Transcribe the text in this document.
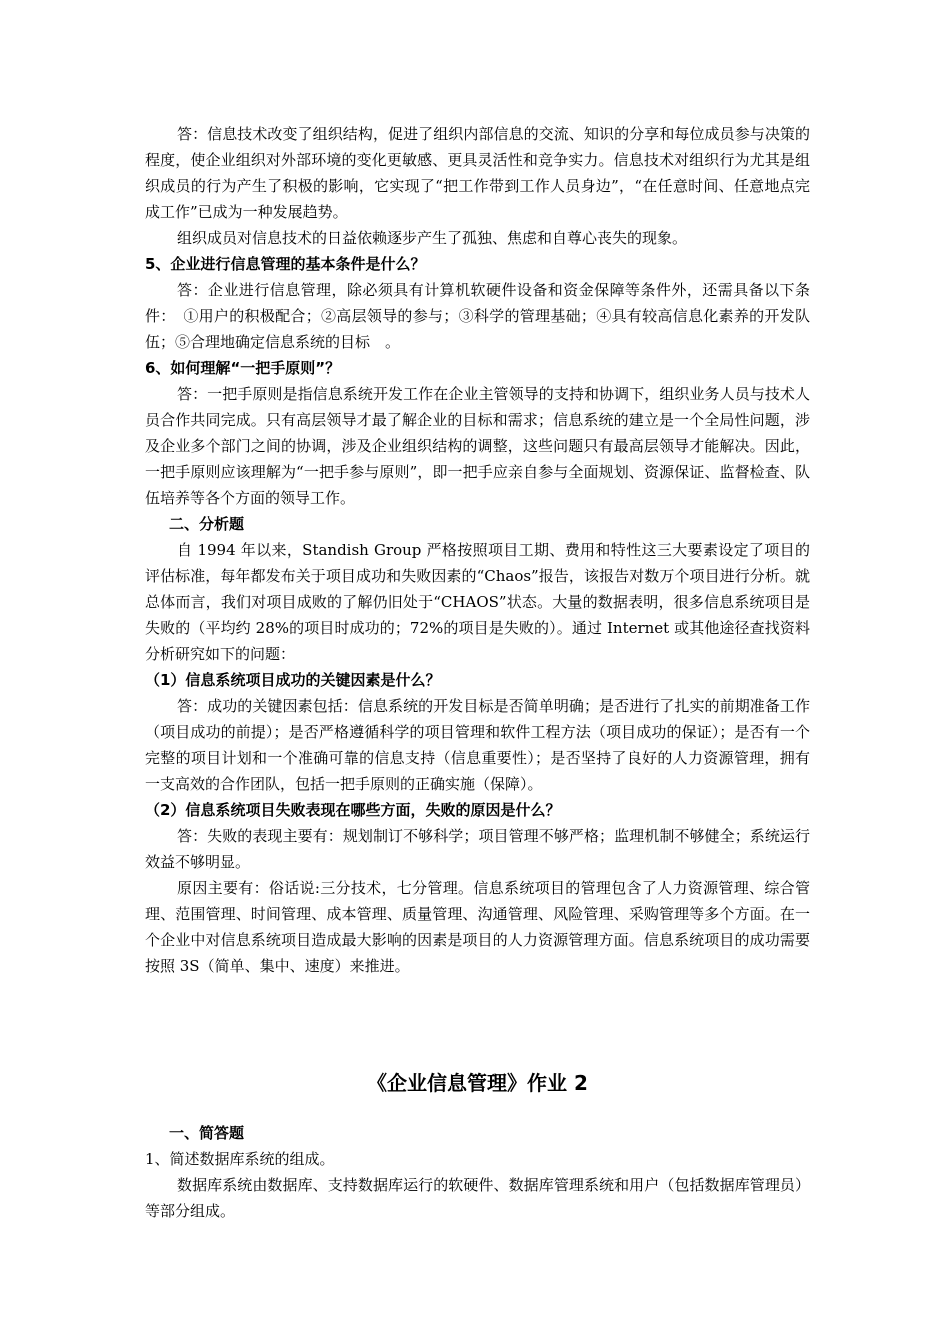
答：信息技术改变了组织结构，促进了组织内部信息的交流、知识的分享和每位成员参与决策的程度，使企业组织对外部环境的变化更敏感、更具灵活性和竞争实力。信息技术对组织行为尤其是组织成员的行为产生了积极的影响，它实现了“把工作带到工作人员身边”，“在任意时间、任意地点完成工作”已成为一种发展趋势。

组织成员对信息技术的日益依赖逐步产生了孤独、焦虑和自尊心丧失的现象。

5、企业进行信息管理的基本条件是什么？

答：企业进行信息管理，除必须具有计算机软硬件设备和资金保障等条件外，还需具备以下条件：　①用户的积极配合；②高层领导的参与；③科学的管理基础；④具有较高信息化素养的开发队伍；⑤合理地确定信息系统的目标　。

6、如何理解“一把手原则”？

答：一把手原则是指信息系统开发工作在企业主管领导的支持和协调下，组织业务人员与技术人员合作共同完成。只有高层领导才最了解企业的目标和需求；信息系统的建立是一个全局性问题，涉及企业多个部门之间的协调，涉及企业组织结构的调整，这些问题只有最高层领导才能解决。因此，一把手原则应该理解为“一把手参与原则”，即一把手应亲自参与全面规划、资源保证、监督检查、队伍培养等各个方面的领导工作。

二、分析题

自 1994 年以来，Standish Group 严格按照项目工期、费用和特性这三大要素设定了项目的评估标准，每年都发布关于项目成功和失败因素的“Chaos”报告，该报告对数万个项目进行分析。就总体而言，我们对项目成败的了解仍旧处于“CHAOS”状态。大量的数据表明，很多信息系统项目是失败的（平均约 28%的项目时成功的；72%的项目是失败的）。通过 Internet 或其他途径查找资料分析研究如下的问题：

（1）信息系统项目成功的关键因素是什么？

答：成功的关键因素包括：信息系统的开发目标是否简单明确；是否进行了扎实的前期准备工作（项目成功的前提）；是否严格遵循科学的项目管理和软件工程方法（项目成功的保证）；是否有一个完整的项目计划和一个准确可靠的信息支持（信息重要性）；是否坚持了良好的人力资源管理，拥有一支高效的合作团队，包括一把手原则的正确实施（保障）。

（2）信息系统项目失败表现在哪些方面，失败的原因是什么？

答：失败的表现主要有：规划制订不够科学；项目管理不够严格；监理机制不够健全；系统运行效益不够明显。

原因主要有：俗话说:三分技术，七分管理。信息系统项目的管理包含了人力资源管理、综合管理、范围管理、时间管理、成本管理、质量管理、沟通管理、风险管理、采购管理等多个方面。在一个企业中对信息系统项目造成最大影响的因素是项目的人力资源管理方面。信息系统项目的成功需要按照 3S（简单、集中、速度）来推进。

《企业信息管理》作业 2

一、简答题

1、简述数据库系统的组成。

数据库系统由数据库、支持数据库运行的软硬件、数据库管理系统和用户（包括数据库管理员）等部分组成。
